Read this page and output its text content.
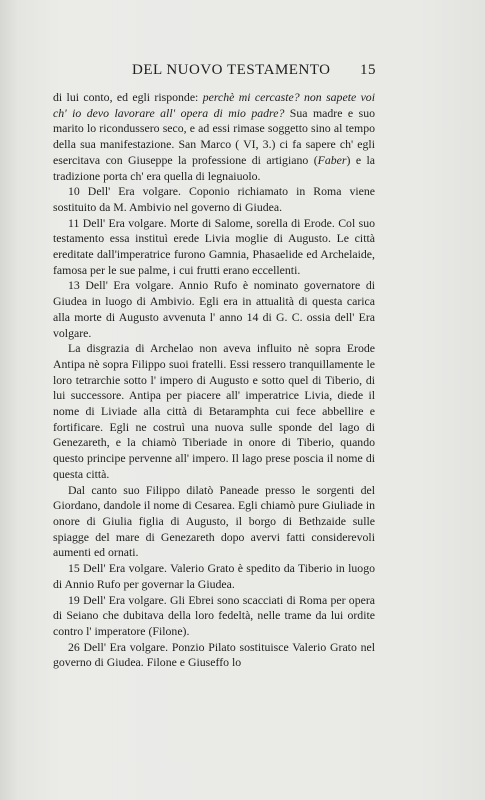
DEL NUOVO TESTAMENTO 15

di lui conto, ed egli risponde: perchè mi cercaste? non sapete voi ch' io devo lavorare all' opera di mio padre? Sua madre e suo marito lo ricondussero seco, e ad essi rimase soggetto sino al tempo della sua manifestazione. San Marco ( VI, 3.) ci fa sapere ch' egli esercitava con Giuseppe la professione di artigiano (Faber) e la tradizione porta ch' era quella di legnaiuolo.

10 Dell' Era volgare. Coponio richiamato in Roma viene sostituito da M. Ambivio nel governo di Giudea.

11 Dell' Era volgare. Morte di Salome, sorella di Erode. Col suo testamento essa instituì erede Livia moglie di Augusto. Le città ereditate dall'imperatrice furono Gamnia, Phasaelide ed Archelaide, famosa per le sue palme, i cui frutti erano eccellenti.

13 Dell' Era volgare. Annio Rufo è nominato governatore di Giudea in luogo di Ambivio. Egli era in attualità di questa carica alla morte di Augusto avvenuta l' anno 14 di G. C. ossia dell' Era volgare.

La disgrazia di Archelao non aveva influito nè sopra Erode Antipa nè sopra Filippo suoi fratelli. Essi ressero tranquillamente le loro tetrarchie sotto l' impero di Augusto e sotto quel di Tiberio, di lui successore. Antipa per piacere all' imperatrice Livia, diede il nome di Liviade alla città di Betaramphta cui fece abbellire e fortificare. Egli ne costruì una nuova sulle sponde del lago di Genezareth, e la chiamò Tiberiade in onore di Tiberio, quando questo principe pervenne all' impero. Il lago prese poscia il nome di questa città.

Dal canto suo Filippo dilatò Paneade presso le sorgenti del Giordano, dandole il nome di Cesarea. Egli chiamò pure Giuliade in onore di Giulia figlia di Augusto, il borgo di Bethzaide sulle spiagge del mare di Genezareth dopo avervi fatti considerevoli aumenti ed ornati.

15 Dell' Era volgare. Valerio Grato è spedito da Tiberio in luogo di Annio Rufo per governar la Giudea.

19 Dell' Era volgare. Gli Ebrei sono scacciati di Roma per opera di Seiano che dubitava della loro fedeltà, nelle trame da lui ordite contro l' imperatore (Filone).

26 Dell' Era volgare. Ponzio Pilato sostituisce Valerio Grato nel governo di Giudea. Filone e Giuseffo lo
